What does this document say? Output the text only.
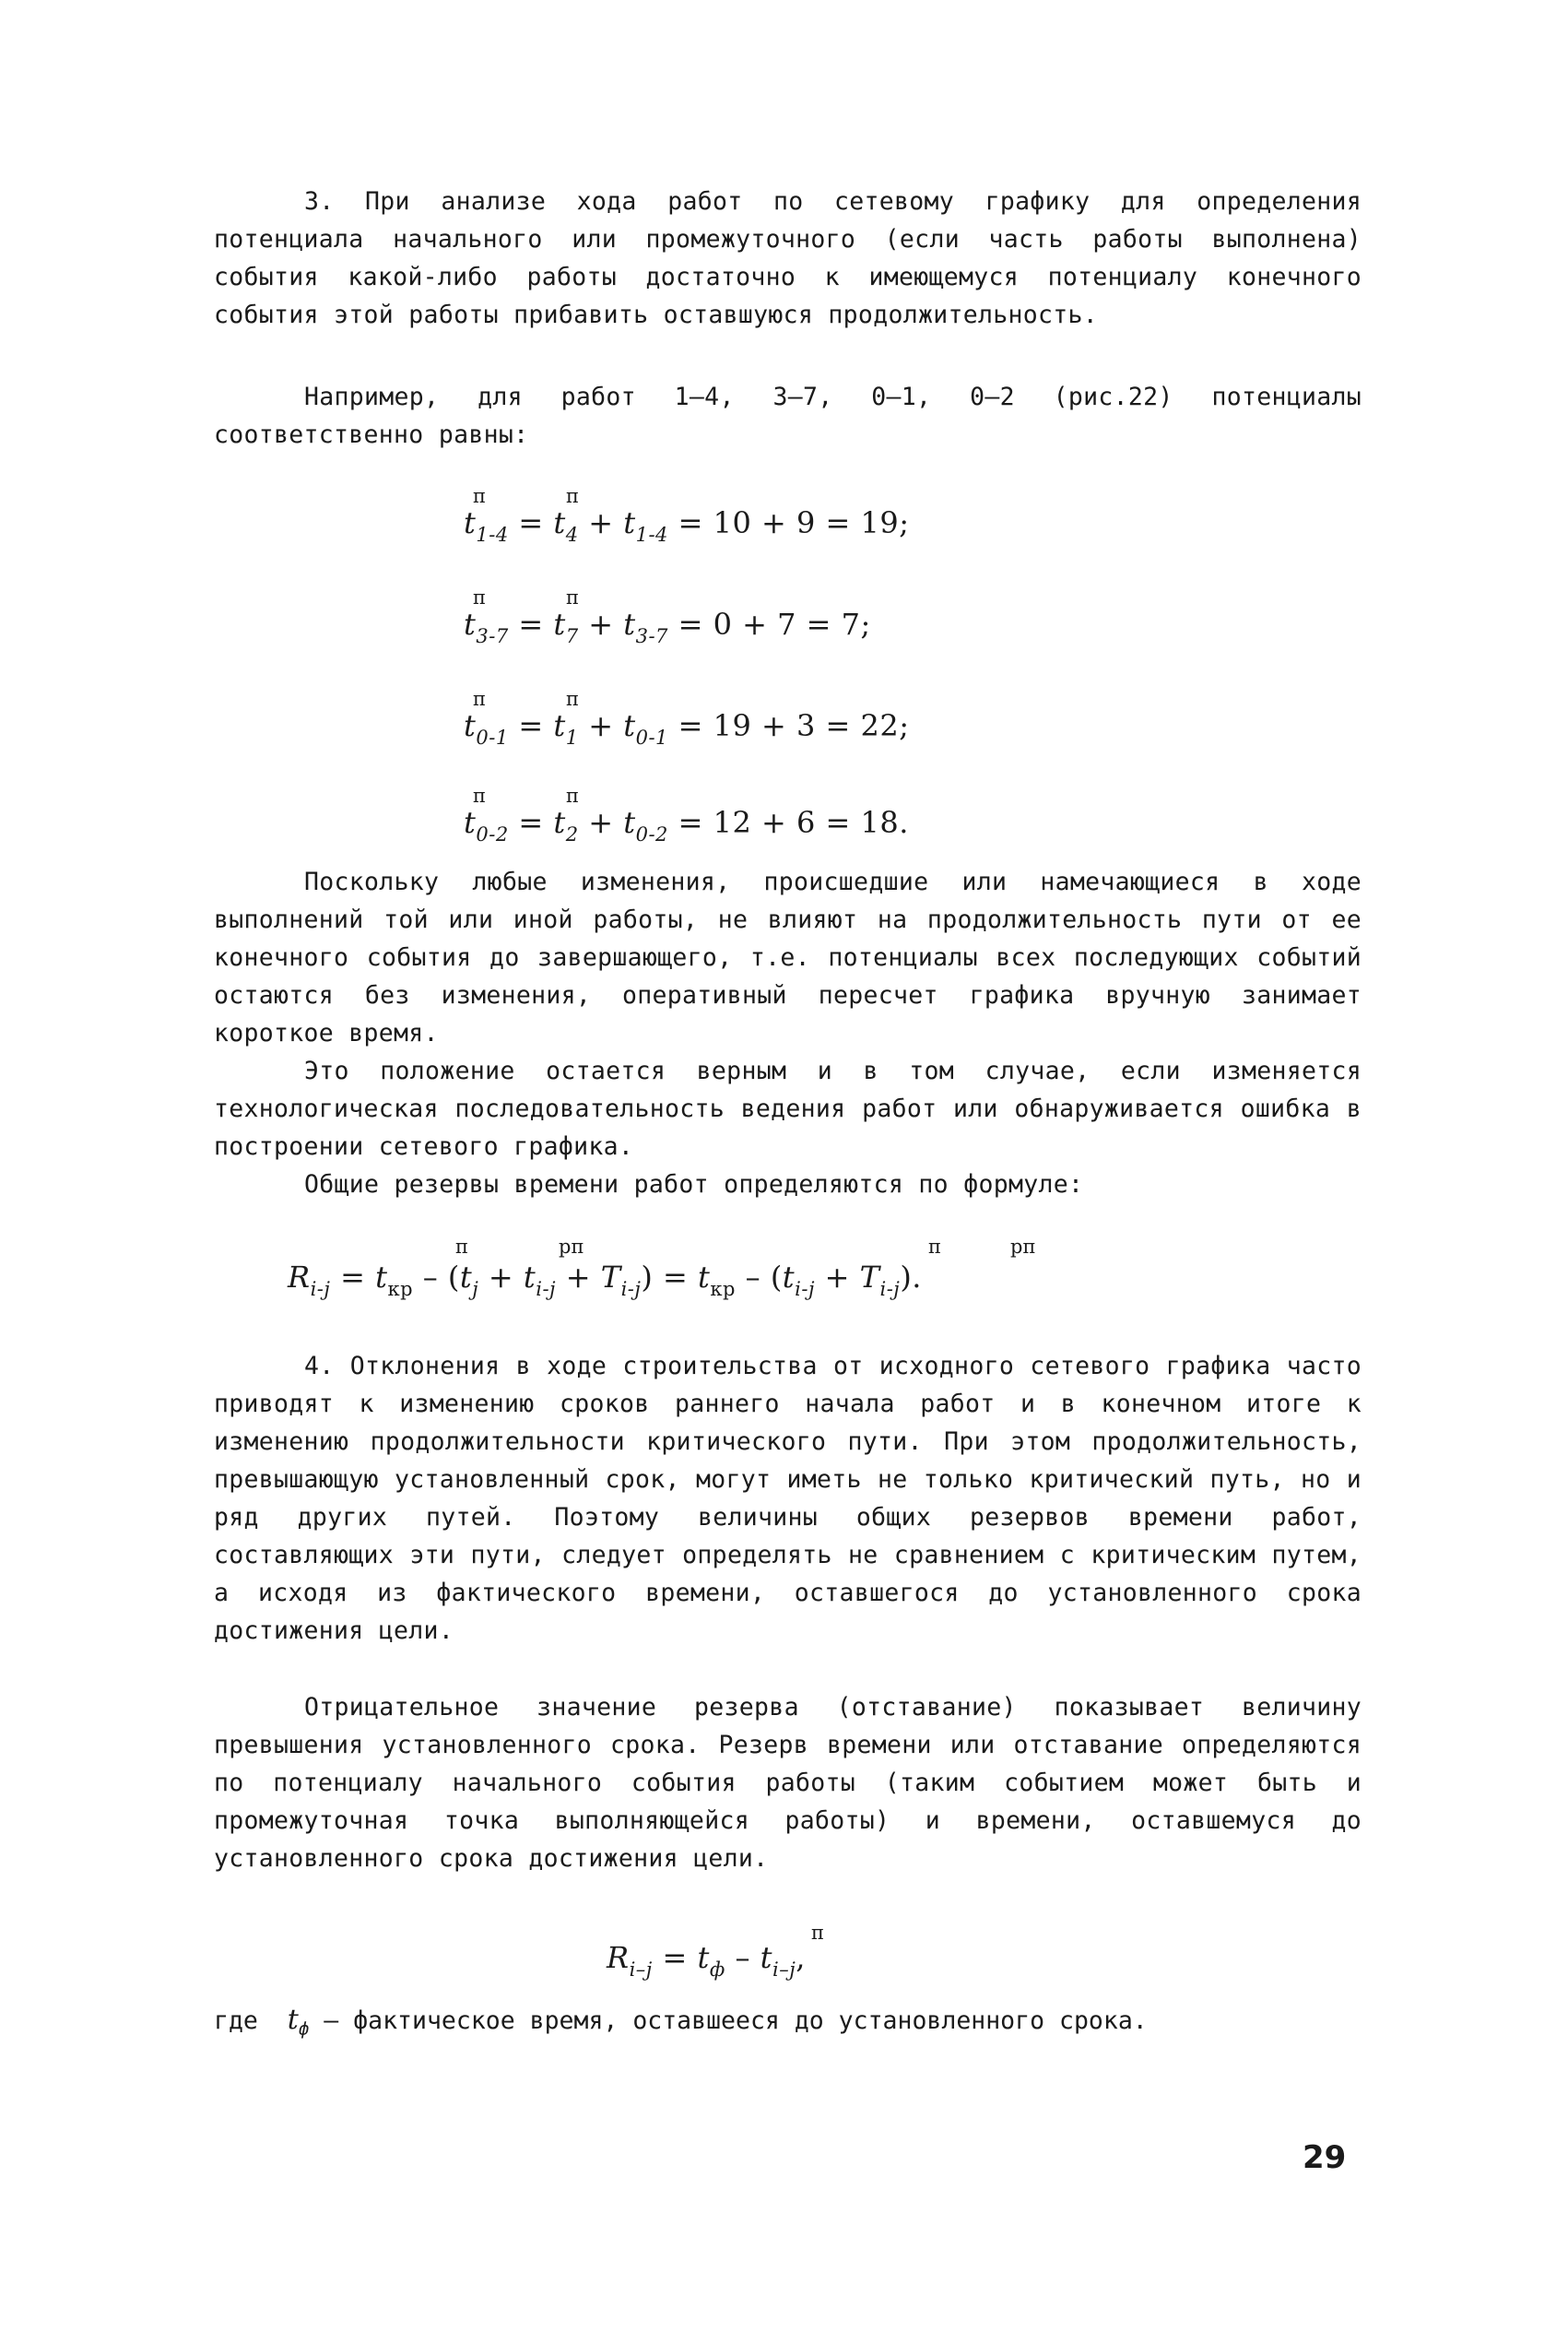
3. При анализе хода работ по сетевому графику для определения потенциала начального или промежуточного (если часть работы выполнена) события какой-либо работы достаточно к имеющемуся потенциалу конечного события этой работы прибавить оставшуюся продолжительность.

Например, для работ 1–4, 3–7, 0–1, 0–2 (рис.22) потенциалы соответственно равны:

п	п
$t_{1-4} = t_4 + t_{1-4} = 10 + 9 = 19$;
п	п
$t_{3-7} = t_7 + t_{3-7} = 0 + 7 = 7$;
п	п
$t_{0-1} = t_1 + t_{0-1} = 19 + 3 = 22$;
п	п
$t_{0-2} = t_2 + t_{0-2} = 12 + 6 = 18$.

Поскольку любые изменения, происшедшие или намечающиеся в ходе выполнений той или иной работы, не влияют на продолжительность пути от ее конечного события до завершающего, т.е. потенциалы всех последующих событий остаются без изменения, оперативный пересчет графика вручную занимает короткое время.

Это положение остается верным и в том случае, если изменяется технологическая последовательность ведения работ или обнаруживается ошибка в построении сетевого графика.

Общие резервы времени работ определяются по формуле:

п	рп	п	рп
$R_{i-j} = t_{кр} - (t_j + t_{i-j} + T_{i-j}) = t_{кр} - (t_{i-j} + T_{i-j})$.

4. Отклонения в ходе строительства от исходного сетевого графика часто приводят к изменению сроков раннего начала работ и в конечном итоге к изменению продолжительности критического пути. При этом продолжительность, превышающую установленный срок, могут иметь не только критический путь, но и ряд других путей. Поэтому величины общих резервов времени работ, составляющих эти пути, следует определять не сравнением с критическим путем, а исходя из фактического времени, оставшегося до установленного срока достижения цели.

Отрицательное значение резерва (отставание) показывает величину превышения установленного срока. Резерв времени или отставание определяются по потенциалу начального события работы (таким событием может быть и промежуточная точка выполняющейся работы) и времени, оставшемуся до установленного срока достижения цели.

п
$R_{i-j} = t_ф - t_{i-j}$,
где $t_ф$ – фактическое время, оставшееся до установленного срока.
29
